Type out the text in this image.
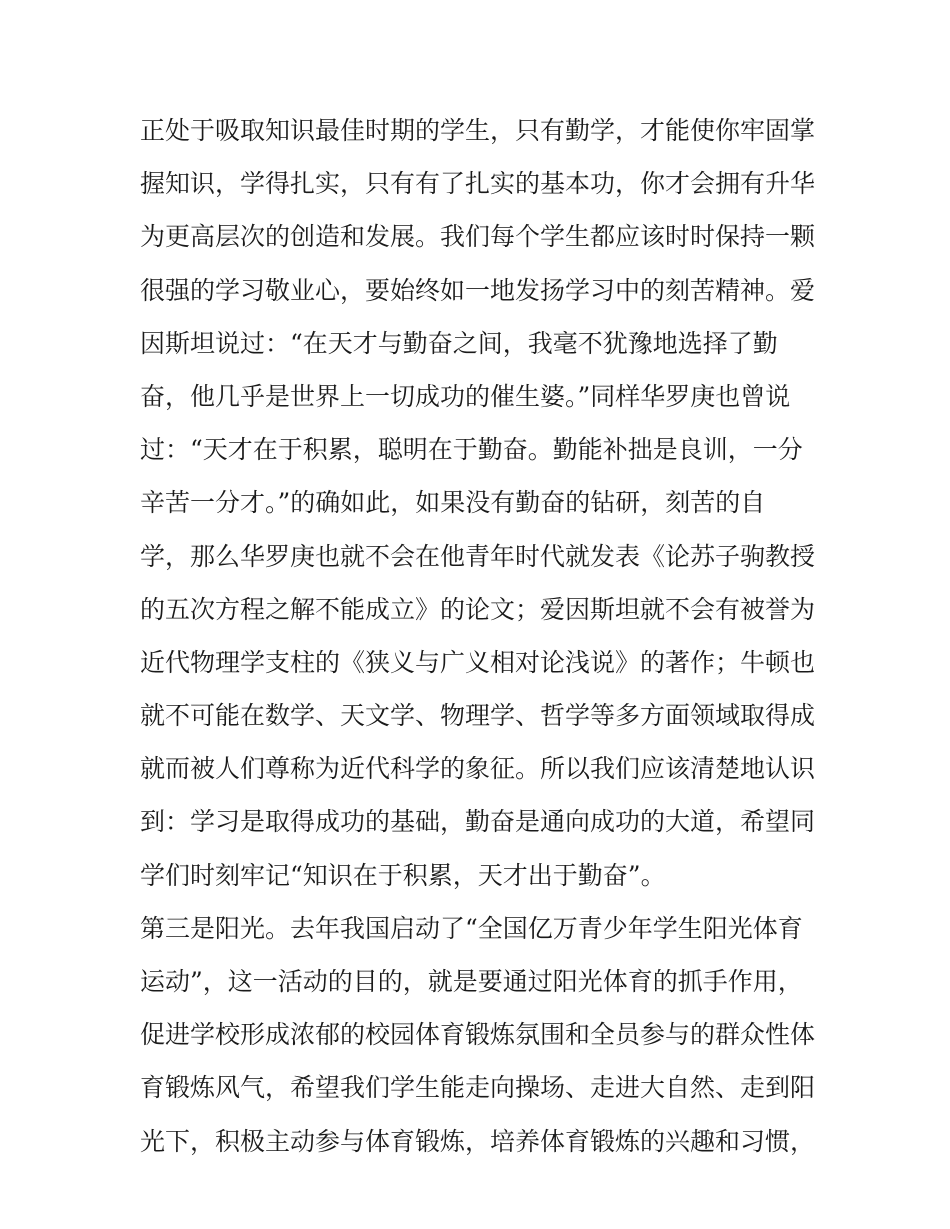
正处于吸取知识最佳时期的学生，只有勤学，才能使你牢固掌
握知识，学得扎实，只有有了扎实的基本功，你才会拥有升华
为更高层次的创造和发展。我们每个学生都应该时时保持一颗
很强的学习敬业心，要始终如一地发扬学习中的刻苦精神。爱
因斯坦说过：“在天才与勤奋之间，我毫不犹豫地选择了勤
奋，他几乎是世界上一切成功的催生婆。”同样华罗庚也曾说
过：“天才在于积累，聪明在于勤奋。勤能补拙是良训，一分
辛苦一分才。”的确如此，如果没有勤奋的钻研，刻苦的自
学，那么华罗庚也就不会在他青年时代就发表《论苏子驹教授
的五次方程之解不能成立》的论文；爱因斯坦就不会有被誉为
近代物理学支柱的《狭义与广义相对论浅说》的著作；牛顿也
就不可能在数学、天文学、物理学、哲学等多方面领域取得成
就而被人们尊称为近代科学的象征。所以我们应该清楚地认识
到：学习是取得成功的基础，勤奋是通向成功的大道，希望同
学们时刻牢记“知识在于积累，天才出于勤奋”。
第三是阳光。去年我国启动了“全国亿万青少年学生阳光体育
运动”，这一活动的目的，就是要通过阳光体育的抓手作用，
促进学校形成浓郁的校园体育锻炼氛围和全员参与的群众性体
育锻炼风气，希望我们学生能走向操场、走进大自然、走到阳
光下，积极主动参与体育锻炼，培养体育锻炼的兴趣和习惯，
